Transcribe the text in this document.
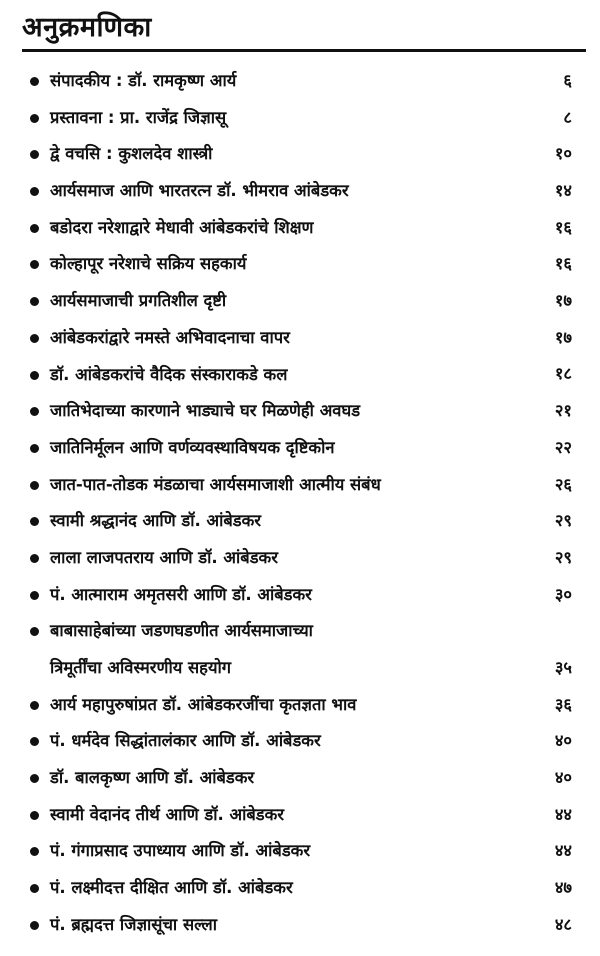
अनुक्रमणिका
संपादकीय : डॉ. रामकृष्ण आर्य	६
प्रस्तावना : प्रा. राजेंद्र जिज्ञासू	८
द्वे वचसि : कुशलदेव शास्त्री	१०
आर्यसमाज आणि भारतरत्न डॉ. भीमराव आंबेडकर	१४
बडोदरा नरेशाद्वारे मेधावी आंबेडकरांचे शिक्षण	१६
कोल्हापूर नरेशाचे सक्रिय सहकार्य	१६
आर्यसमाजाची प्रगतिशील दृष्टी	१७
आंबेडकरांद्वारे नमस्ते अभिवादनाचा वापर	१७
डॉ. आंबेडकरांचे वैदिक संस्काराकडे कल	१८
जातिभेदाच्या कारणाने भाड्याचे घर मिळणेही अवघड	२१
जातिनिर्मूलन आणि वर्णव्यवस्थाविषयक दृष्टिकोन	२२
जात-पात-तोडक मंडळाचा आर्यसमाजाशी आत्मीय संबंध	२६
स्वामी श्रद्धानंद आणि डॉ. आंबेडकर	२९
लाला लाजपतराय आणि डॉ. आंबेडकर	२९
पं. आत्माराम अमृतसरी आणि डॉ. आंबेडकर	३०
बाबासाहेबांच्या जडणघडणीत आर्यसमाजाच्या
त्रिमूर्तींचा अविस्मरणीय सहयोग	३५
आर्य महापुरुषांप्रत डॉ. आंबेडकरजींचा कृतज्ञता भाव	३६
पं. धर्मदेव सिद्धांतालंकार आणि डॉ. आंबेडकर	४०
डॉ. बालकृष्ण आणि डॉ. आंबेडकर	४०
स्वामी वेदानंद तीर्थ आणि डॉ. आंबेडकर	४४
पं. गंगाप्रसाद उपाध्याय आणि डॉ. आंबेडकर	४४
पं. लक्ष्मीदत्त दीक्षित आणि डॉ. आंबेडकर	४७
पं. ब्रह्मदत्त जिज्ञासूंचा सल्ला	४८
